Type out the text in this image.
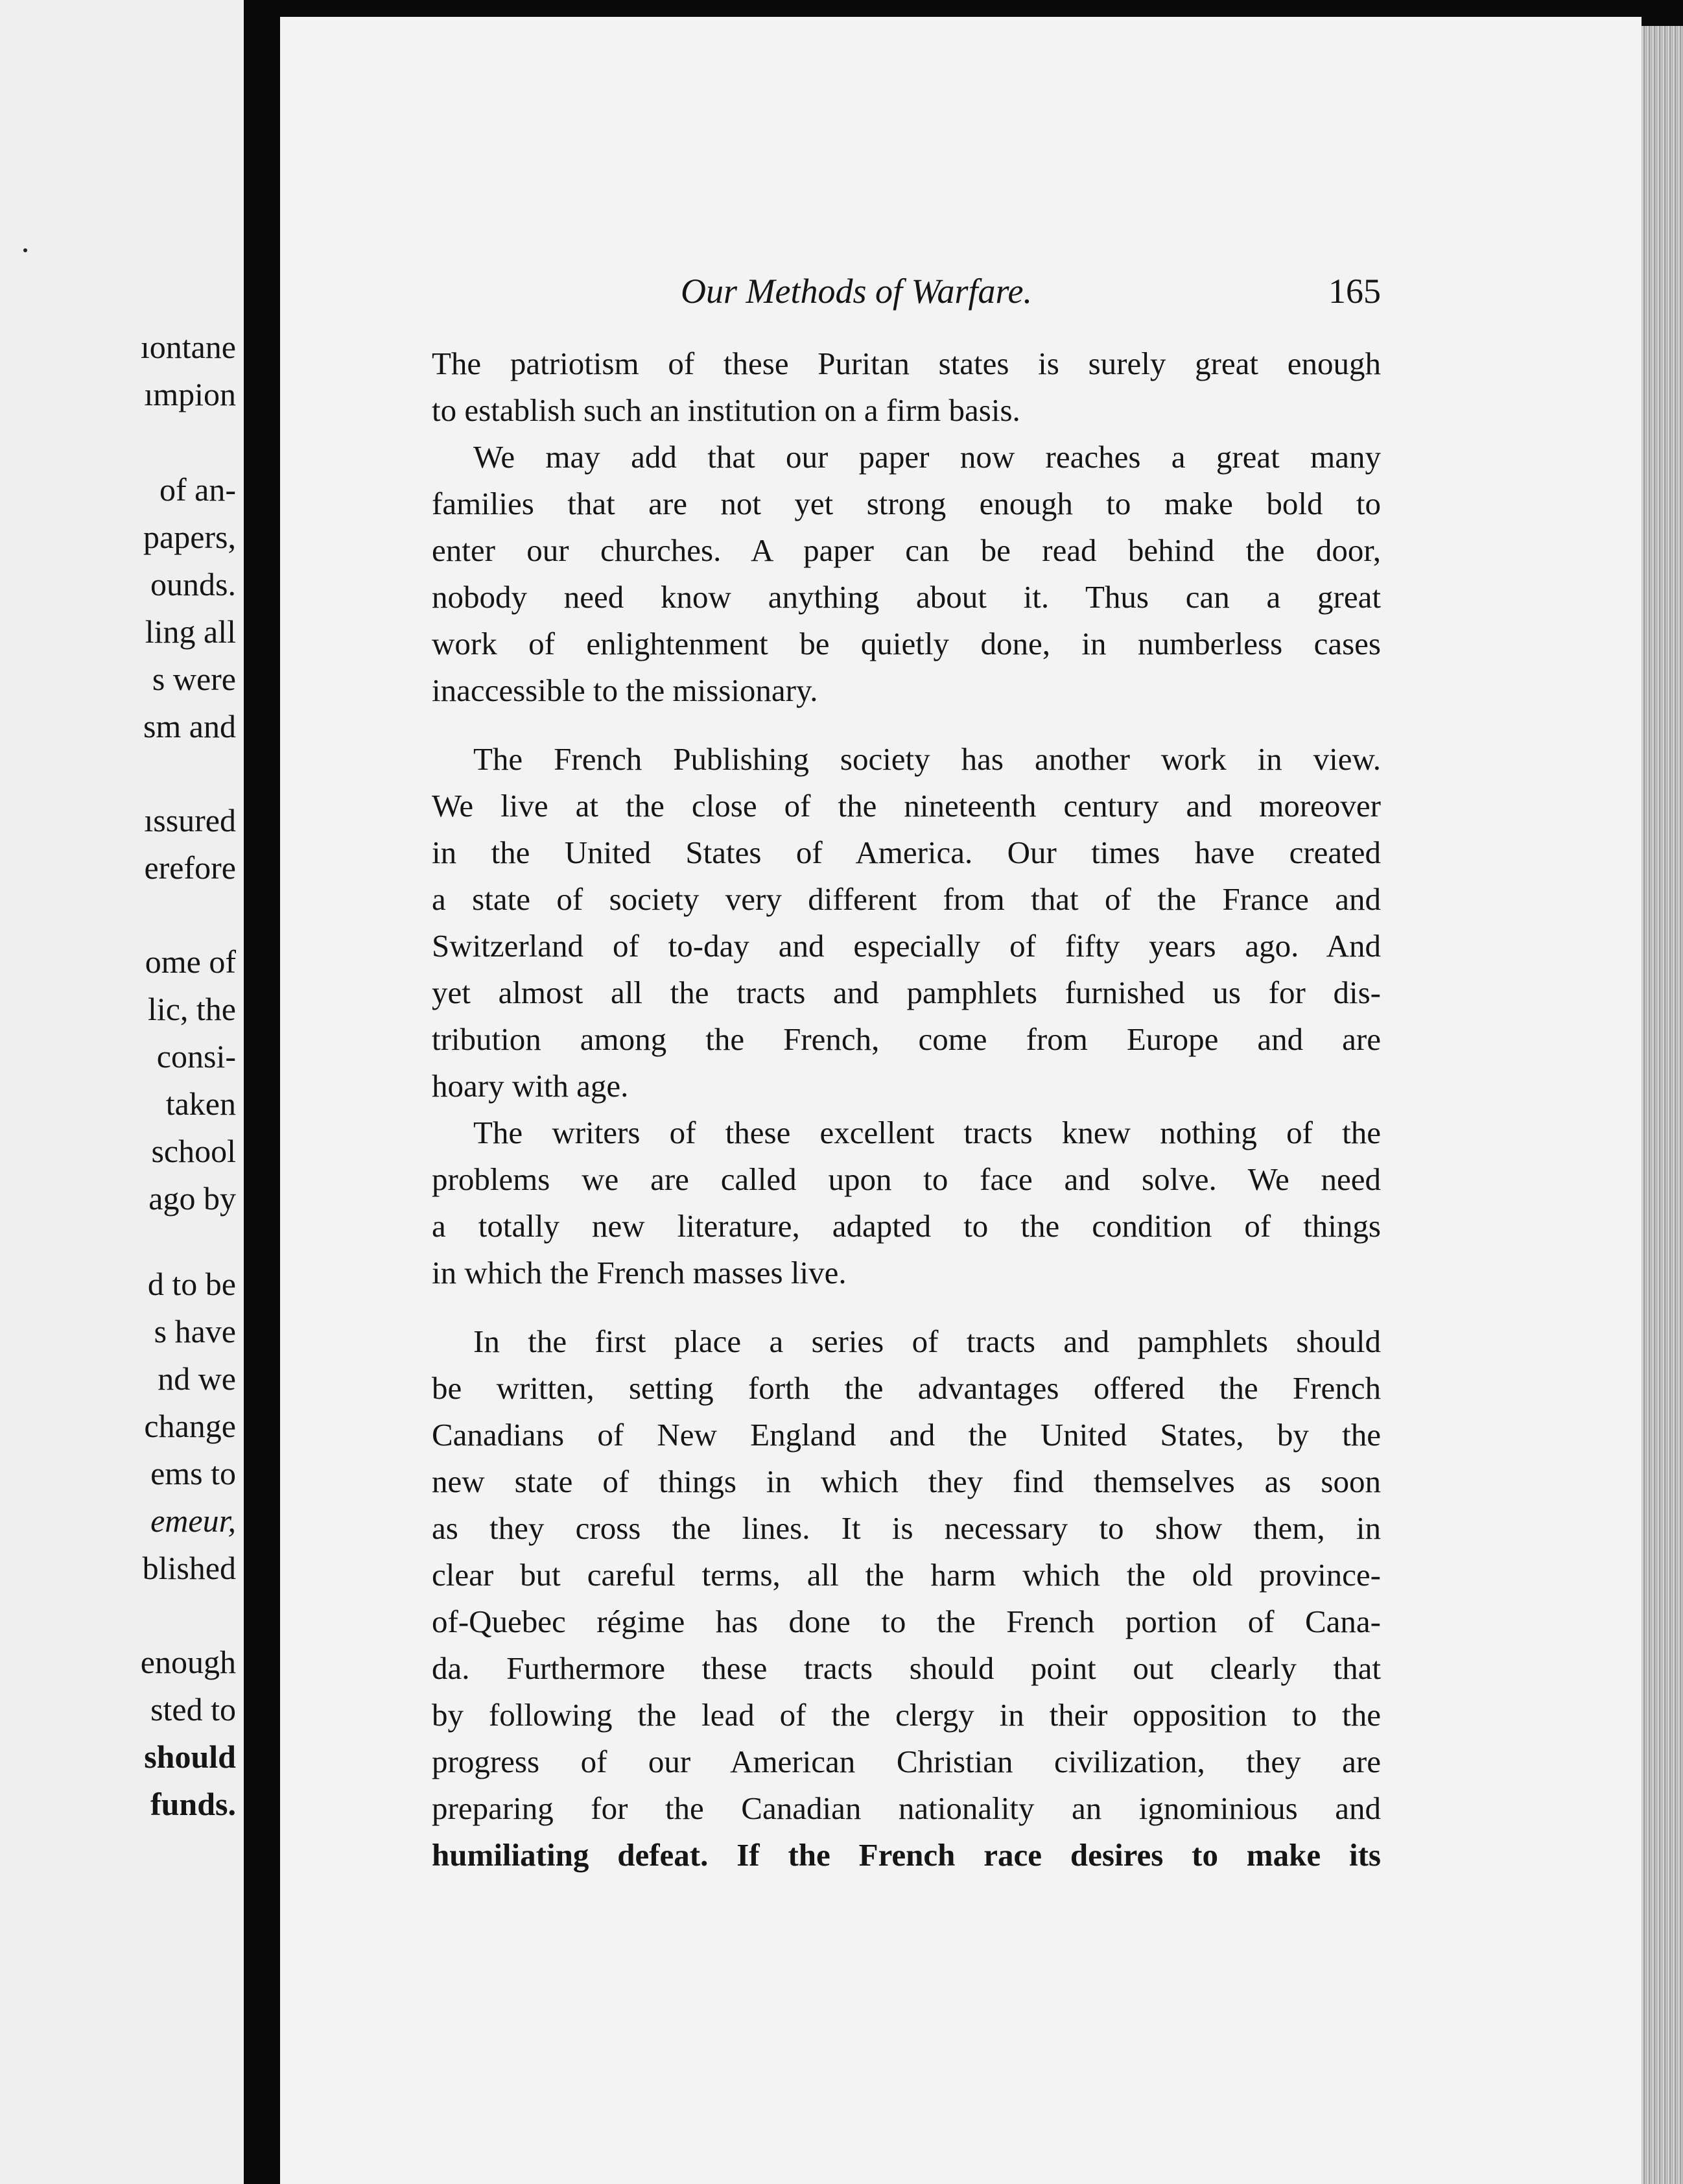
ıontane
ımpion
of an-
papers,
ounds.
ling all
s were
sm and
ıssured
erefore
ome of
lic, the
consi-
taken
school
ago by
d to be
s have
nd we
change
ems to
emeur,
blished
enough
sted to
should
funds.
Our Methods of Warfare.	165
The patriotism of these Puritan states is surely great enough
to establish such an institution on a firm basis.
We may add that our paper now reaches a great many
families that are not yet strong enough to make bold to
enter our churches. A paper can be read behind the door,
nobody need know anything about it. Thus can a great
work of enlightenment be quietly done, in numberless cases
inaccessible to the missionary.
The French Publishing society has another work in view.
We live at the close of the nineteenth century and moreover
in the United States of America. Our times have created
a state of society very different from that of the France and
Switzerland of to-day and especially of fifty years ago. And
yet almost all the tracts and pamphlets furnished us for dis-
tribution among the French, come from Europe and are
hoary with age.
The writers of these excellent tracts knew nothing of the
problems we are called upon to face and solve. We need
a totally new literature, adapted to the condition of things
in which the French masses live.
In the first place a series of tracts and pamphlets should
be written, setting forth the advantages offered the French
Canadians of New England and the United States, by the
new state of things in which they find themselves as soon
as they cross the lines. It is necessary to show them, in
clear but careful terms, all the harm which the old province-
of-Quebec régime has done to the French portion of Cana-
da. Furthermore these tracts should point out clearly that
by following the lead of the clergy in their opposition to the
progress of our American Christian civilization, they are
preparing for the Canadian nationality an ignominious and
humiliating defeat. If the French race desires to make its
